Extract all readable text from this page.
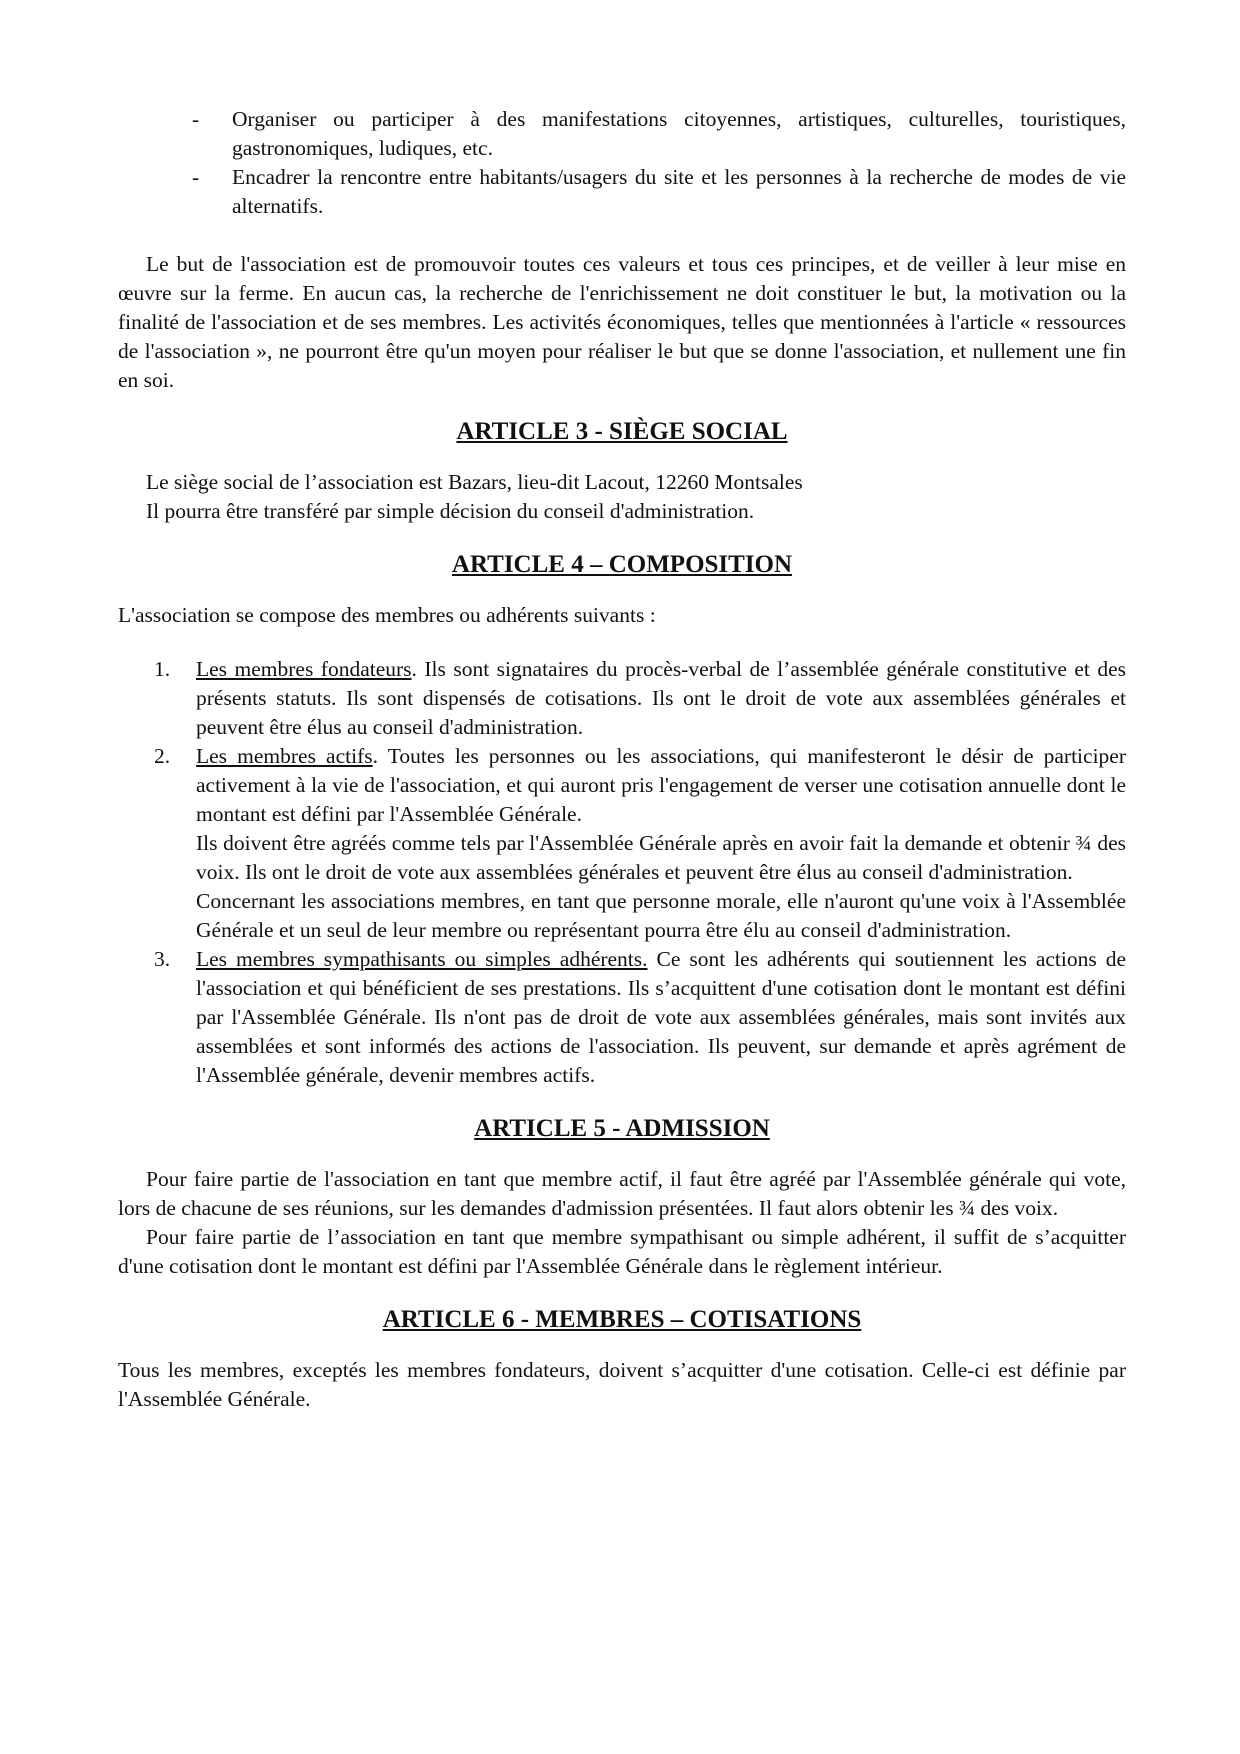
- Organiser ou participer à des manifestations citoyennes, artistiques, culturelles, touristiques, gastronomiques, ludiques, etc.
- Encadrer la rencontre entre habitants/usagers du site et les personnes à la recherche de modes de vie alternatifs.

Le but de l'association est de promouvoir toutes ces valeurs et tous ces principes, et de veiller à leur mise en œuvre sur la ferme. En aucun cas, la recherche de l'enrichissement ne doit constituer le but, la motivation ou la finalité de l'association et de ses membres. Les activités économiques, telles que mentionnées à l'article « ressources de l'association », ne pourront être qu'un moyen pour réaliser le but que se donne l'association, et nullement une fin en soi.

ARTICLE 3 - SIÈGE SOCIAL
Le siège social de l’association est Bazars, lieu-dit Lacout, 12260 Montsales
Il pourra être transféré par simple décision du conseil d'administration.
ARTICLE 4 – COMPOSITION

L'association se compose des membres ou adhérents suivants :

1. Les membres fondateurs. Ils sont signataires du procès-verbal de l’assemblée générale constitutive et des présents statuts. Ils sont dispensés de cotisations. Ils ont le droit de vote aux assemblées générales et peuvent être élus au conseil d'administration.
2. Les membres actifs. Toutes les personnes ou les associations, qui manifesteront le désir de participer activement à la vie de l'association, et qui auront pris l'engagement de verser une cotisation annuelle dont le montant est défini par l'Assemblée Générale.
Ils doivent être agréés comme tels par l'Assemblée Générale après en avoir fait la demande et obtenir ¾ des voix. Ils ont le droit de vote aux assemblées générales et peuvent être élus au conseil d'administration.
Concernant les associations membres, en tant que personne morale, elle n'auront qu'une voix à l'Assemblée Générale et un seul de leur membre ou représentant pourra être élu au conseil d'administration.
3. Les membres sympathisants ou simples adhérents. Ce sont les adhérents qui soutiennent les actions de l'association et qui bénéficient de ses prestations. Ils s’acquittent d'une cotisation dont le montant est défini par l'Assemblée Générale. Ils n'ont pas de droit de vote aux assemblées générales, mais sont invités aux assemblées et sont informés des actions de l'association. Ils peuvent, sur demande et après agrément de l'Assemblée générale, devenir membres actifs.
ARTICLE 5 - ADMISSION

Pour faire partie de l'association en tant que membre actif, il faut être agréé par l'Assemblée générale qui vote, lors de chacune de ses réunions, sur les demandes d'admission présentées. Il faut alors obtenir les ¾ des voix.

Pour faire partie de l’association en tant que membre sympathisant ou simple adhérent, il suffit de s’acquitter d'une cotisation dont le montant est défini par l'Assemblée Générale dans le règlement intérieur.

ARTICLE 6 - MEMBRES – COTISATIONS

Tous les membres, exceptés les membres fondateurs, doivent s’acquitter d'une cotisation. Celle-ci est définie par l'Assemblée Générale.
